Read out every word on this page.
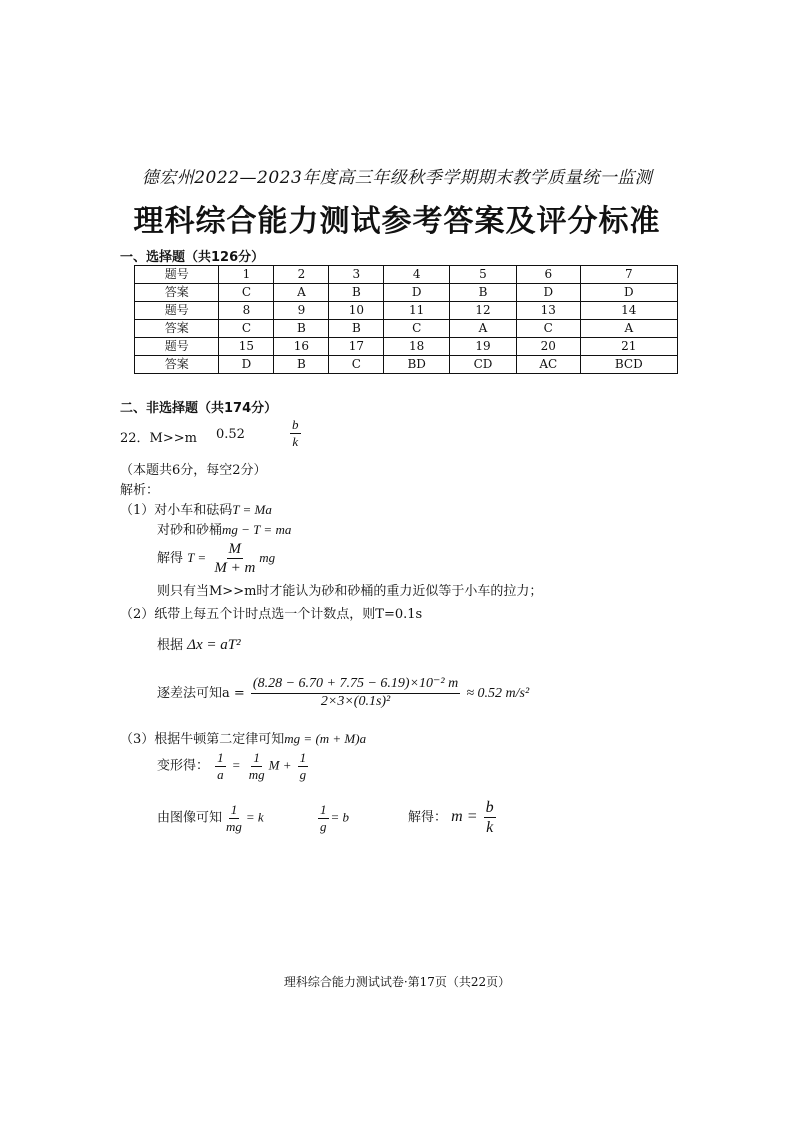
德宏州2022—2023年度高三年级秋季学期期末教学质量统一监测
理科综合能力测试参考答案及评分标准
一、选择题（共126分）
题号	1	2	3	4	5	6	7
答案	C	A	B	D	B	D	D
题号	8	9	10	11	12	13	14
答案	C	B	B	C	A	C	A
题号	15	16	17	18	19	20	21
答案	D	B	C	BD	CD	AC	BCD
二、非选择题（共174分）
22．M>>m 0.52	$\frac{b}{k}$
（本题共6分，每空2分）
解析：
（1）对小车和砝码T = Ma
对砂和砂桶mg − T = ma
解得 $T = \frac{M}{M + m}$ mg
则只有当M>>m时才能认为砂和砂桶的重力近似等于小车的拉力；
（2）纸带上每五个计时点选一个计数点，则T=0.1s
根据 Δx = aT²
逐差法可知$a = \frac{\text{(8.28 − 6.70 + 7.75 − 6.19)×10⁻² m}}{\text{2×3×(0.1s)²}} \approx 0.52$ m/s²
（3）根据牛顿第二定律可知mg = (m + M)a
变形得： $\frac{1}{a} = \frac{1}{mg}$ $M + \frac{1}{g}$
由图像可知 $\frac{1}{mg} = k$	$\frac{1}{g} = b$	解得： $m = \frac{b}{k}$
理科综合能力测试试卷·第17页（共22页）
